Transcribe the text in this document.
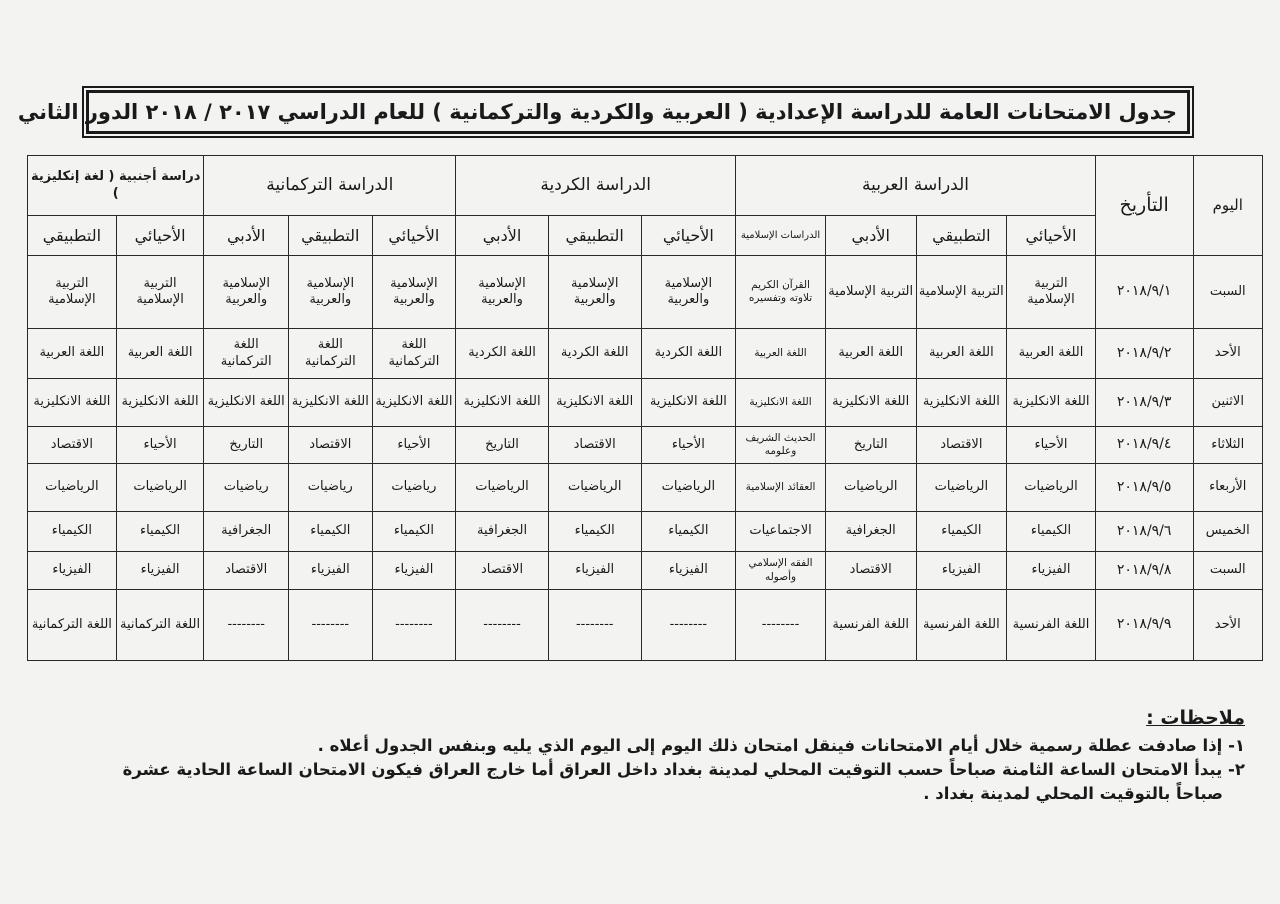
جدول الامتحانات العامة للدراسة الإعدادية ( العربية والكردية والتركمانية ) للعام الدراسي ٢٠١٧ / ٢٠١٨ الدور الثاني
اليوم	التأريخ	الدراسة العربية				الدراسة الكردية			الدراسة التركمانية			دراسة أجنبية ( لغة إنكليزية )	
		الأحيائي	التطبيقي	الأدبي	الدراسات الإسلامية	الأحيائي	التطبيقي	الأدبي	الأحيائي	التطبيقي	الأدبي	الأحيائي	التطبيقي
السبت	٢٠١٨/٩/١	التربية الإسلامية	التربية الإسلامية	التربية الإسلامية	القرآن الكريم تلاوته وتفسيره	الإسلامية والعربية	الإسلامية والعربية	الإسلامية والعربية	الإسلامية والعربية	الإسلامية والعربية	الإسلامية والعربية	التربية الإسلامية	التربية الإسلامية
الأحد	٢٠١٨/٩/٢	اللغة العربية	اللغة العربية	اللغة العربية	اللغة العربية	اللغة الكردية	اللغة الكردية	اللغة الكردية	اللغة التركمانية	اللغة التركمانية	اللغة التركمانية	اللغة العربية	اللغة العربية
الاثنين	٢٠١٨/٩/٣	اللغة الانكليزية	اللغة الانكليزية	اللغة الانكليزية	اللغة الانكليزية	اللغة الانكليزية	اللغة الانكليزية	اللغة الانكليزية	اللغة الانكليزية	اللغة الانكليزية	اللغة الانكليزية	اللغة الانكليزية	اللغة الانكليزية
الثلاثاء	٢٠١٨/٩/٤	الأحياء	الاقتصاد	التاريخ	الحديث الشريف وعلومه	الأحياء	الاقتصاد	التاريخ	الأحياء	الاقتصاد	التاريخ	الأحياء	الاقتصاد
الأربعاء	٢٠١٨/٩/٥	الرياضيات	الرياضيات	الرياضيات	العقائد الإسلامية	الرياضيات	الرياضيات	الرياضيات	رياضيات	رياضيات	رياضيات	الرياضيات	الرياضيات
الخميس	٢٠١٨/٩/٦	الكيمياء	الكيمياء	الجغرافية	الاجتماعيات	الكيمياء	الكيمياء	الجغرافية	الكيمياء	الكيمياء	الجغرافية	الكيمياء	الكيمياء
السبت	٢٠١٨/٩/٨	الفيزياء	الفيزياء	الاقتصاد	الفقه الإسلامي وأصوله	الفيزياء	الفيزياء	الاقتصاد	الفيزياء	الفيزياء	الاقتصاد	الفيزياء	الفيزياء
الأحد	٢٠١٨/٩/٩	اللغة الفرنسية	اللغة الفرنسية	اللغة الفرنسية	--------	--------	--------	--------	--------	--------	--------	اللغة التركمانية	اللغة التركمانية
ملاحظات :

١- إذا صادفت عطلة رسمية خلال أيام الامتحانات فينقل امتحان ذلك اليوم إلى اليوم الذي يليه وبنفس الجدول أعلاه .

٢- يبدأ الامتحان الساعة الثامنة صباحاً حسب التوقيت المحلي لمدينة بغداد داخل العراق أما خارج العراق فيكون الامتحان الساعة الحادية عشرة

صباحاً بالتوقيت المحلي لمدينة بغداد .
